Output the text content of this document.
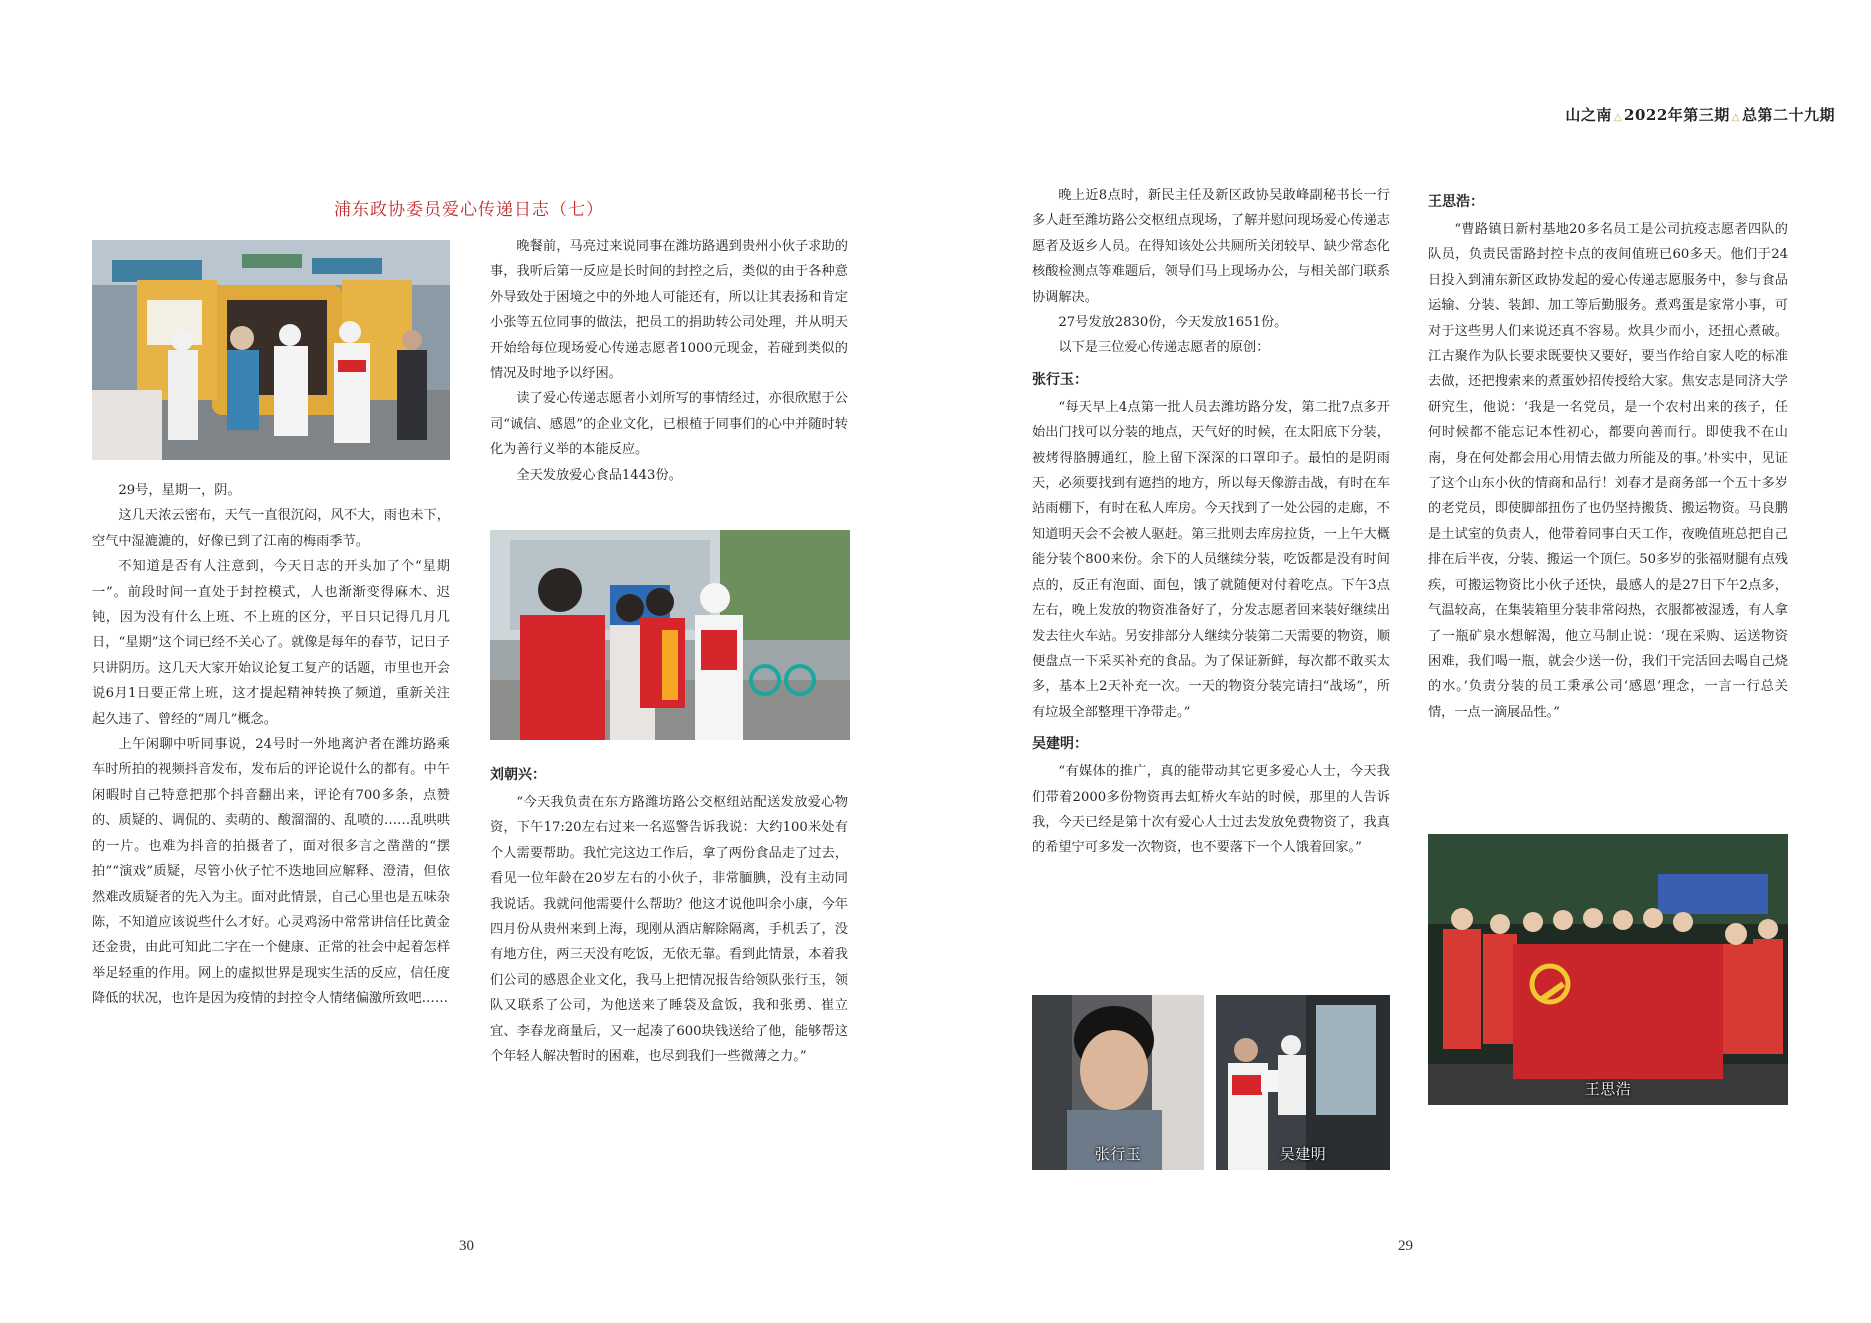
山之南 △ 2022年第三期 △ 总第二十九期
浦东政协委员爱心传递日志（七）

29号，星期一，阴。

这几天浓云密布，天气一直很沉闷，风不大，雨也未下，空气中湿漉漉的，好像已到了江南的梅雨季节。

不知道是否有人注意到，今天日志的开头加了个“星期一”。前段时间一直处于封控模式，人也渐渐变得麻木、迟钝，因为没有什么上班、不上班的区分，平日只记得几月几日，“星期”这个词已经不关心了。就像是每年的春节，记日子只讲阴历。这几天大家开始议论复工复产的话题，市里也开会说6月1日要正常上班，这才提起精神转换了频道，重新关注起久违了、曾经的“周几”概念。

上午闲聊中听同事说，24号时一外地离沪者在潍坊路乘车时所拍的视频抖音发布，发布后的评论说什么的都有。中午闲暇时自己特意把那个抖音翻出来，评论有700多条，点赞的、质疑的、调侃的、卖萌的、酸溜溜的、乱喷的……乱哄哄的一片。也难为抖音的拍摄者了，面对很多言之凿凿的“摆拍”“演戏”质疑，尽管小伙子忙不迭地回应解释、澄清，但依然难改质疑者的先入为主。面对此情景，自己心里也是五味杂陈，不知道应该说些什么才好。心灵鸡汤中常常讲信任比黄金还金贵，由此可知此二字在一个健康、正常的社会中起着怎样举足轻重的作用。网上的虚拟世界是现实生活的反应，信任度降低的状况，也许是因为疫情的封控令人情绪偏激所致吧……

晚餐前，马亮过来说同事在潍坊路遇到贵州小伙子求助的事，我听后第一反应是长时间的封控之后，类似的由于各种意外导致处于困境之中的外地人可能还有，所以让其表扬和肯定小张等五位同事的做法，把员工的捐助转公司处理，并从明天开始给每位现场爱心传递志愿者1000元现金，若碰到类似的情况及时地予以纾困。

读了爱心传递志愿者小刘所写的事情经过，亦很欣慰于公司“诚信、感恩”的企业文化，已根植于同事们的心中并随时转化为善行义举的本能反应。

全天发放爱心食品1443份。

刘朝兴：

“今天我负责在东方路潍坊路公交枢纽站配送发放爱心物资，下午17:20左右过来一名巡警告诉我说：大约100米处有个人需要帮助。我忙完这边工作后，拿了两份食品走了过去，看见一位年龄在20岁左右的小伙子，非常腼腆，没有主动同我说话。我就问他需要什么帮助？他这才说他叫余小康，今年四月份从贵州来到上海，现刚从酒店解除隔离，手机丢了，没有地方住，两三天没有吃饭，无依无靠。看到此情景，本着我们公司的感恩企业文化，我马上把情况报告给领队张行玉，领队又联系了公司，为他送来了睡袋及盒饭，我和张勇、崔立宜、李春龙商量后，又一起凑了600块钱送给了他，能够帮这个年轻人解决暂时的困难，也尽到我们一些微薄之力。”

30

晚上近8点时，新民主任及新区政协吴敢峰副秘书长一行多人赶至潍坊路公交枢纽点现场，了解并慰问现场爱心传递志愿者及返乡人员。在得知该处公共厕所关闭较早、缺少常态化核酸检测点等难题后，领导们马上现场办公，与相关部门联系协调解决。

27号发放2830份，今天发放1651份。

以下是三位爱心传递志愿者的原创：

张行玉：

“每天早上4点第一批人员去潍坊路分发，第二批7点多开始出门找可以分装的地点，天气好的时候，在太阳底下分装，被烤得胳膊通红，脸上留下深深的口罩印子。最怕的是阴雨天，必须要找到有遮挡的地方，所以每天像游击战，有时在车站雨棚下，有时在私人库房。今天找到了一处公园的走廊，不知道明天会不会被人驱赶。第三批则去库房拉货，一上午大概能分装个800来份。余下的人员继续分装，吃饭都是没有时间点的，反正有泡面、面包，饿了就随便对付着吃点。下午3点左右，晚上发放的物资准备好了，分发志愿者回来装好继续出发去往火车站。另安排部分人继续分装第二天需要的物资，顺便盘点一下采买补充的食品。为了保证新鲜，每次都不敢买太多，基本上2天补充一次。一天的物资分装完请扫“战场”，所有垃圾全部整理干净带走。”

吴建明：

“有媒体的推广，真的能带动其它更多爱心人士，今天我们带着2000多份物资再去虹桥火车站的时候，那里的人告诉我，今天已经是第十次有爱心人士过去发放免费物资了，我真的希望宁可多发一次物资，也不要落下一个人饿着回家。”

张行玉	吴建明

王思浩：

“曹路镇日新村基地20多名员工是公司抗疫志愿者四队的队员，负责民雷路封控卡点的夜间值班已60多天。他们于24日投入到浦东新区政协发起的爱心传递志愿服务中，参与食品运输、分装、装卸、加工等后勤服务。煮鸡蛋是家常小事，可对于这些男人们来说还真不容易。炊具少而小，还扭心煮破。江古聚作为队长要求既要快又要好，要当作给自家人吃的标准去做，还把搜索来的煮蛋妙招传授给大家。焦安志是同济大学研究生，他说：‘我是一名党员，是一个农村出来的孩子，任何时候都不能忘记本性初心，都要向善而行。即使我不在山南，身在何处都会用心用情去做力所能及的事。’朴实中，见证了这个山东小伙的情商和品行！刘春才是商务部一个五十多岁的老党员，即使脚部扭伤了也仍坚持搬货、搬运物资。马良鹏是土试室的负责人，他带着同事白天工作，夜晚值班总把自己排在后半夜，分装、搬运一个顶仨。50多岁的张福财腿有点残疾，可搬运物资比小伙子还快，最感人的是27日下午2点多，气温较高，在集装箱里分装非常闷热，衣服都被湿透，有人拿了一瓶矿泉水想解渴，他立马制止说：‘现在采购、运送物资困难，我们喝一瓶，就会少送一份，我们干完活回去喝自己烧的水。’负责分装的员工秉承公司‘感恩’理念，一言一行总关情，一点一滴展品性。”

王思浩
29
